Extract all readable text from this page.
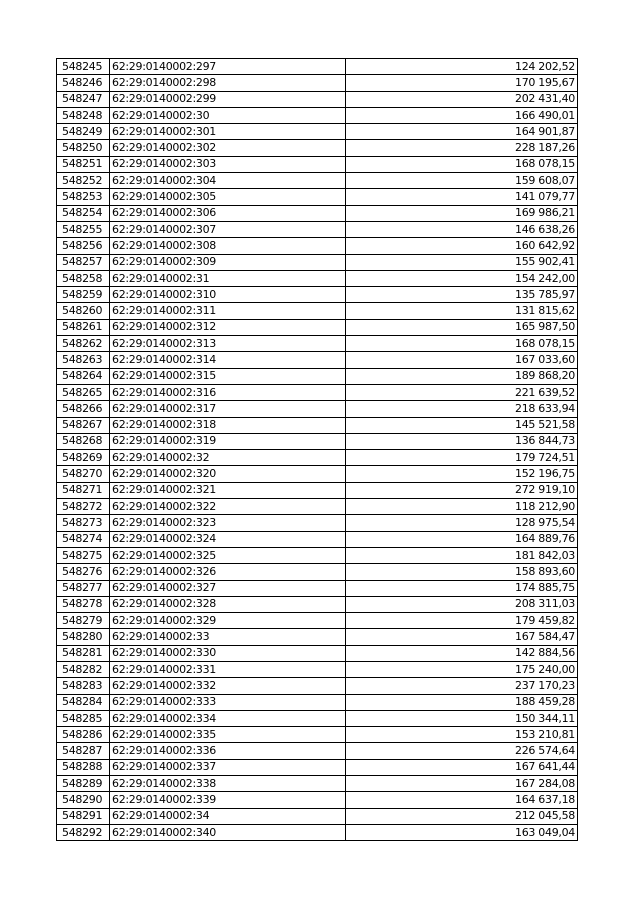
548245	62:29:0140002:297	124 202,52
548246	62:29:0140002:298	170 195,67
548247	62:29:0140002:299	202 431,40
548248	62:29:0140002:30	166 490,01
548249	62:29:0140002:301	164 901,87
548250	62:29:0140002:302	228 187,26
548251	62:29:0140002:303	168 078,15
548252	62:29:0140002:304	159 608,07
548253	62:29:0140002:305	141 079,77
548254	62:29:0140002:306	169 986,21
548255	62:29:0140002:307	146 638,26
548256	62:29:0140002:308	160 642,92
548257	62:29:0140002:309	155 902,41
548258	62:29:0140002:31	154 242,00
548259	62:29:0140002:310	135 785,97
548260	62:29:0140002:311	131 815,62
548261	62:29:0140002:312	165 987,50
548262	62:29:0140002:313	168 078,15
548263	62:29:0140002:314	167 033,60
548264	62:29:0140002:315	189 868,20
548265	62:29:0140002:316	221 639,52
548266	62:29:0140002:317	218 633,94
548267	62:29:0140002:318	145 521,58
548268	62:29:0140002:319	136 844,73
548269	62:29:0140002:32	179 724,51
548270	62:29:0140002:320	152 196,75
548271	62:29:0140002:321	272 919,10
548272	62:29:0140002:322	118 212,90
548273	62:29:0140002:323	128 975,54
548274	62:29:0140002:324	164 889,76
548275	62:29:0140002:325	181 842,03
548276	62:29:0140002:326	158 893,60
548277	62:29:0140002:327	174 885,75
548278	62:29:0140002:328	208 311,03
548279	62:29:0140002:329	179 459,82
548280	62:29:0140002:33	167 584,47
548281	62:29:0140002:330	142 884,56
548282	62:29:0140002:331	175 240,00
548283	62:29:0140002:332	237 170,23
548284	62:29:0140002:333	188 459,28
548285	62:29:0140002:334	150 344,11
548286	62:29:0140002:335	153 210,81
548287	62:29:0140002:336	226 574,64
548288	62:29:0140002:337	167 641,44
548289	62:29:0140002:338	167 284,08
548290	62:29:0140002:339	164 637,18
548291	62:29:0140002:34	212 045,58
548292	62:29:0140002:340	163 049,04
